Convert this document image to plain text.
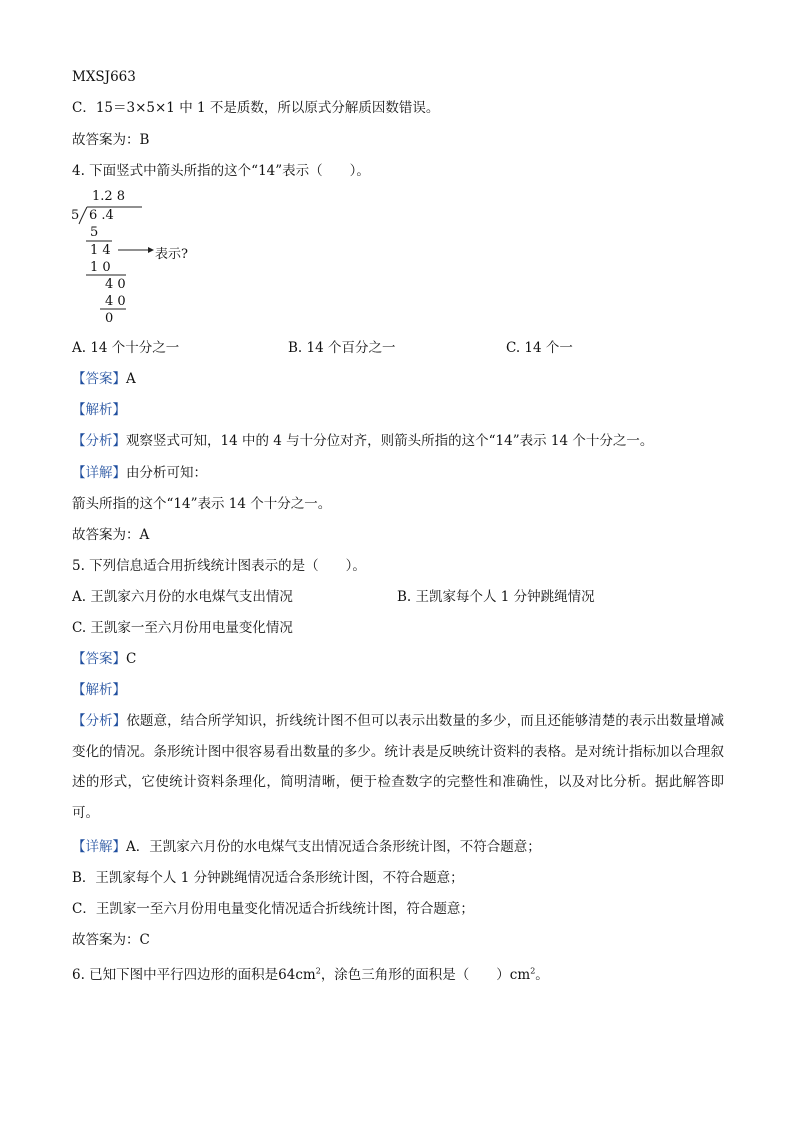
MXSJ663
C．15＝3×5×1 中 1 不是质数，所以原式分解质因数错误。
故答案为：B
4. 下面竖式中箭头所指的这个“14”表示（　　）。
1.2 8
5 6 .4
5
1 4
1 0
4 0
4 0
0
表示?
A. 14 个十分之一	B. 14 个百分之一	C. 14 个一
【答案】A
【解析】
【分析】观察竖式可知，14 中的 4 与十分位对齐，则箭头所指的这个“14”表示 14 个十分之一。
【详解】由分析可知：
箭头所指的这个“14”表示 14 个十分之一。
故答案为：A
5. 下列信息适合用折线统计图表示的是（　　）。
A. 王凯家六月份的水电煤气支出情况	B. 王凯家每个人 1 分钟跳绳情况
C. 王凯家一至六月份用电量变化情况
【答案】C
【解析】
【分析】依题意，结合所学知识，折线统计图不但可以表示出数量的多少，而且还能够清楚的表示出数量增减变化的情况。条形统计图中很容易看出数量的多少。统计表是反映统计资料的表格。是对统计指标加以合理叙述的形式，它使统计资料条理化，简明清晰，便于检查数字的完整性和准确性，以及对比分析。据此解答即可。
【详解】A．王凯家六月份的水电煤气支出情况适合条形统计图，不符合题意；
B．王凯家每个人 1 分钟跳绳情况适合条形统计图，不符合题意；
C．王凯家一至六月份用电量变化情况适合折线统计图，符合题意；
故答案为：C
6. 已知下图中平行四边形的面积是$64cm^2$，涂色三角形的面积是（　　）$cm^2$。
